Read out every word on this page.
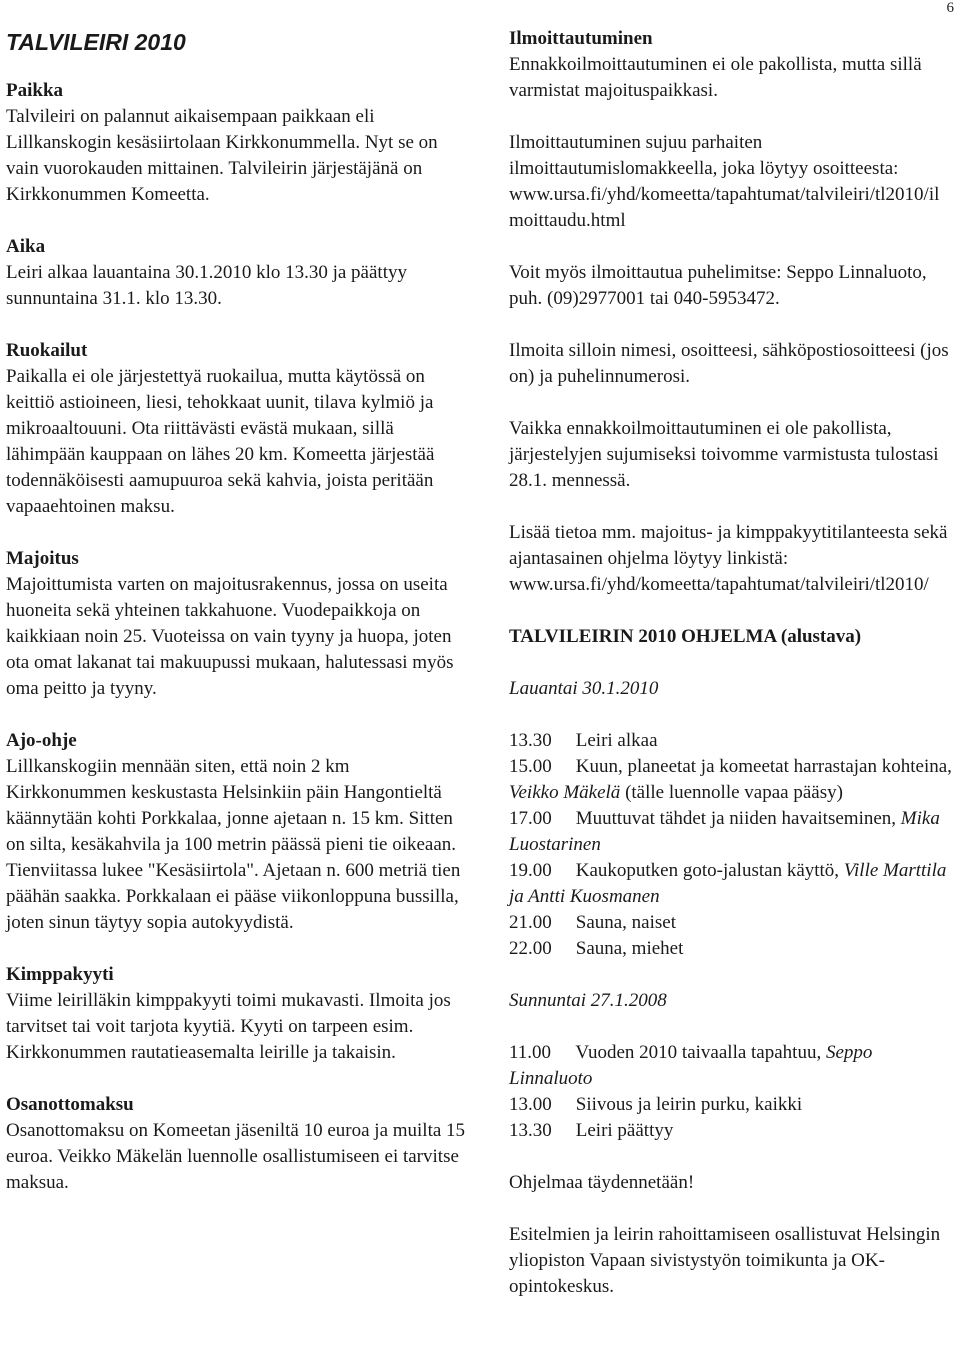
6
TALVILEIRI 2010
Paikka

Talvileiri on palannut aikaisempaan paikkaan eli Lillkanskogin kesäsiirtolaan Kirkkonummella. Nyt se on vain vuorokauden mittainen. Talvileirin järjestäjänä on Kirkkonummen Komeetta.

Aika

Leiri alkaa lauantaina 30.1.2010 klo 13.30 ja päättyy sunnuntaina 31.1. klo 13.30.

Ruokailut

Paikalla ei ole järjestettyä ruokailua, mutta käytössä on keittiö astioineen, liesi, tehokkaat uunit, tilava kylmiö ja mikroaaltouuni. Ota riittävästi evästä mukaan, sillä lähimpään kauppaan on lähes 20 km. Komeetta järjestää todennäköisesti aamupuuroa sekä kahvia, joista peritään vapaaehtoinen maksu.

Majoitus

Majoittumista varten on majoitusrakennus, jossa on useita huoneita sekä yhteinen takkahuone. Vuodepaikkoja on kaikkiaan noin 25. Vuoteissa on vain tyyny ja huopa, joten ota omat lakanat tai makuupussi mukaan, halutessasi myös oma peitto ja tyyny.

Ajo-ohje

Lillkanskogiin mennään siten, että noin 2 km Kirkkonummen keskustasta Helsinkiin päin Hangontieltä käännytään kohti Porkkalaa, jonne ajetaan n. 15 km. Sitten on silta, kesäkahvila ja 100 metrin päässä pieni tie oikeaan. Tienviitassa lukee "Kesäsiirtola". Ajetaan n. 600 metriä tien päähän saakka. Porkkalaan ei pääse viikonloppuna bussilla, joten sinun täytyy sopia autokyydistä.

Kimppakyyti

Viime leirilläkin kimppakyyti toimi mukavasti. Ilmoita jos tarvitset tai voit tarjota kyytiä. Kyyti on tarpeen esim. Kirkkonummen rautatieasemalta leirille ja takaisin.

Osanottomaksu

Osanottomaksu on Komeetan jäseniltä 10 euroa ja muilta 15 euroa. Veikko Mäkelän luennolle osallistumiseen ei tarvitse maksua.

Ilmoittautuminen

Ennakkoilmoittautuminen ei ole pakollista, mutta sillä varmistat majoituspaikkasi.

Ilmoittautuminen sujuu parhaiten ilmoittautumislomakkeella, joka löytyy osoitteesta:

www.ursa.fi/yhd/komeetta/tapahtumat/talvileiri/tl2010/ilmoittaudu.html

Voit myös ilmoittautua puhelimitse: Seppo Linnaluoto, puh. (09)2977001 tai 040-5953472.

Ilmoita silloin nimesi, osoitteesi, sähköpostiosoitteesi (jos on) ja puhelinnumerosi.

Vaikka ennakkoilmoittautuminen ei ole pakollista, järjestelyjen sujumiseksi toivomme varmistusta tulostasi 28.1. mennessä.

Lisää tietoa mm. majoitus- ja kimppakyytitilanteesta sekä ajantasainen ohjelma löytyy linkistä:

www.ursa.fi/yhd/komeetta/tapahtumat/talvileiri/tl2010/

TALVILEIRIN 2010 OHJELMA (alustava)
Lauantai 30.1.2010

13.30 Leiri alkaa

15.00 Kuun, planeetat ja komeetat harrastajan kohteina, Veikko Mäkelä (tälle luennolle vapaa pääsy)

17.00 Muuttuvat tähdet ja niiden havaitseminen, Mika Luostarinen

19.00 Kaukoputken goto-jalustan käyttö, Ville Marttila ja Antti Kuosmanen

21.00 Sauna, naiset

22.00 Sauna, miehet

Sunnuntai 27.1.2008

11.00 Vuoden 2010 taivaalla tapahtuu, Seppo Linnaluoto

13.00 Siivous ja leirin purku, kaikki

13.30 Leiri päättyy

Ohjelmaa täydennetään!

Esitelmien ja leirin rahoittamiseen osallistuvat Helsingin yliopiston Vapaan sivistystyön toimikunta ja OK-opintokeskus.
